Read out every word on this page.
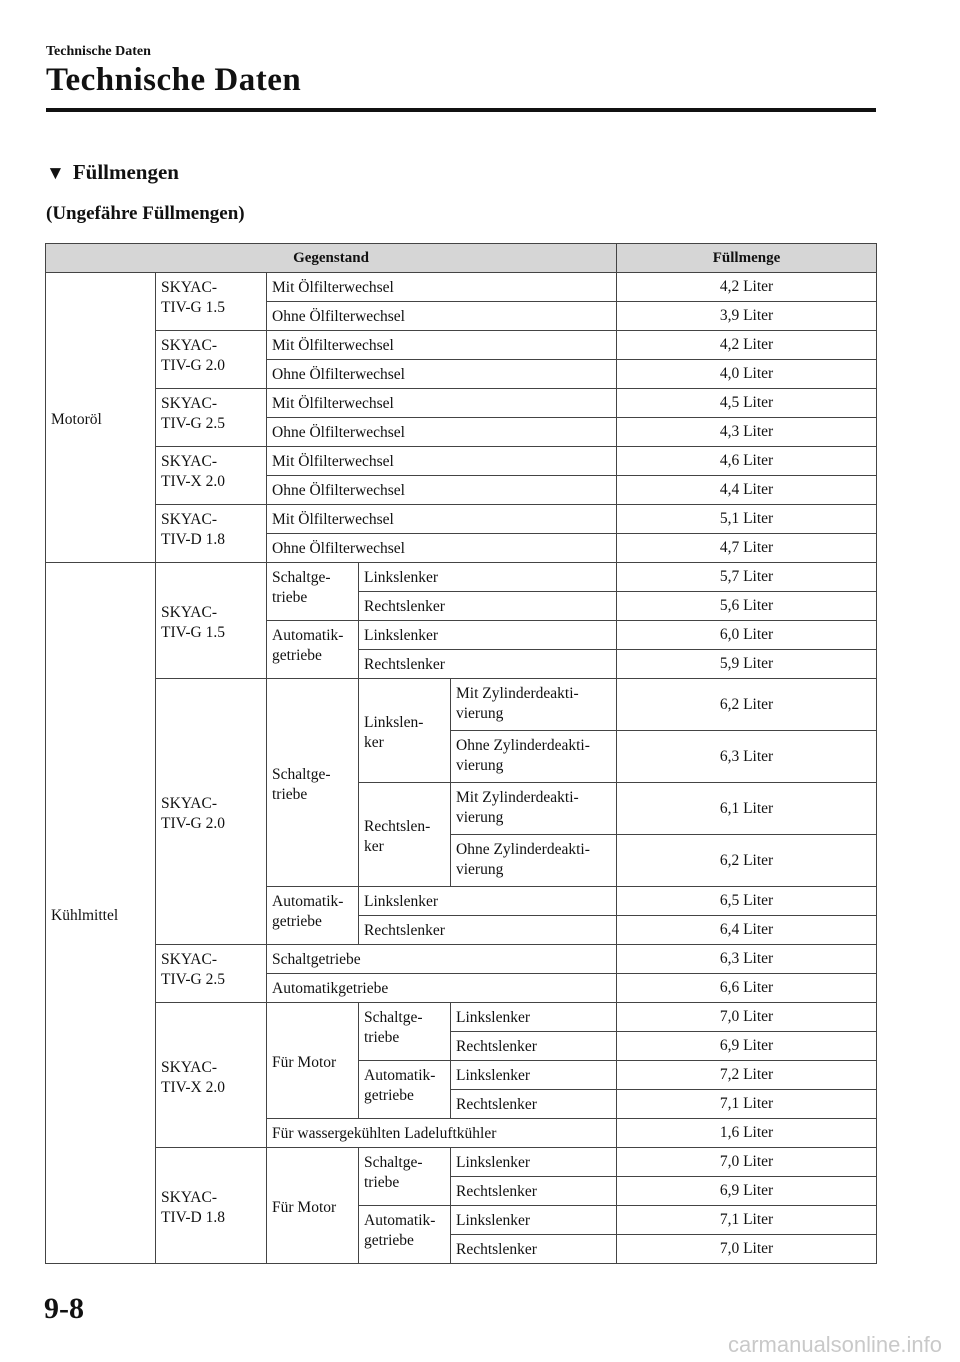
Technische Daten
Technische Daten
▼ Füllmengen
(Ungefähre Füllmengen)
Gegenstand					Füllmenge
Motoröl	SKYAC-
TIV-G 1.5	Mit Ölfilterwechsel			4,2 Liter
		Ohne Ölfilterwechsel			3,9 Liter
	SKYAC-
TIV-G 2.0	Mit Ölfilterwechsel			4,2 Liter
		Ohne Ölfilterwechsel			4,0 Liter
	SKYAC-
TIV-G 2.5	Mit Ölfilterwechsel			4,5 Liter
		Ohne Ölfilterwechsel			4,3 Liter
	SKYAC-
TIV-X 2.0	Mit Ölfilterwechsel			4,6 Liter
		Ohne Ölfilterwechsel			4,4 Liter
	SKYAC-
TIV-D 1.8	Mit Ölfilterwechsel			5,1 Liter
		Ohne Ölfilterwechsel			4,7 Liter
Kühlmittel	SKYAC-
TIV-G 1.5	Schaltge-
triebe	Linkslenker		5,7 Liter
			Rechtslenker		5,6 Liter
		Automatik-
getriebe	Linkslenker		6,0 Liter
			Rechtslenker		5,9 Liter
	SKYAC-
TIV-G 2.0	Schaltge-
triebe	Linkslen-
ker	Mit Zylinderdeakti-
vierung	6,2 Liter
				Ohne Zylinderdeakti-
vierung	6,3 Liter
			Rechtslen-
ker	Mit Zylinderdeakti-
vierung	6,1 Liter
				Ohne Zylinderdeakti-
vierung	6,2 Liter
		Automatik-
getriebe	Linkslenker		6,5 Liter
			Rechtslenker		6,4 Liter
	SKYAC-
TIV-G 2.5	Schaltgetriebe			6,3 Liter
		Automatikgetriebe			6,6 Liter
	SKYAC-
TIV-X 2.0	Für Motor	Schaltge-
triebe	Linkslenker	7,0 Liter
				Rechtslenker	6,9 Liter
			Automatik-
getriebe	Linkslenker	7,2 Liter
				Rechtslenker	7,1 Liter
		Für wassergekühlten Ladeluftkühler			1,6 Liter
	SKYAC-
TIV-D 1.8	Für Motor	Schaltge-
triebe	Linkslenker	7,0 Liter
				Rechtslenker	6,9 Liter
			Automatik-
getriebe	Linkslenker	7,1 Liter
				Rechtslenker	7,0 Liter
9-8
carmanualsonline.info
